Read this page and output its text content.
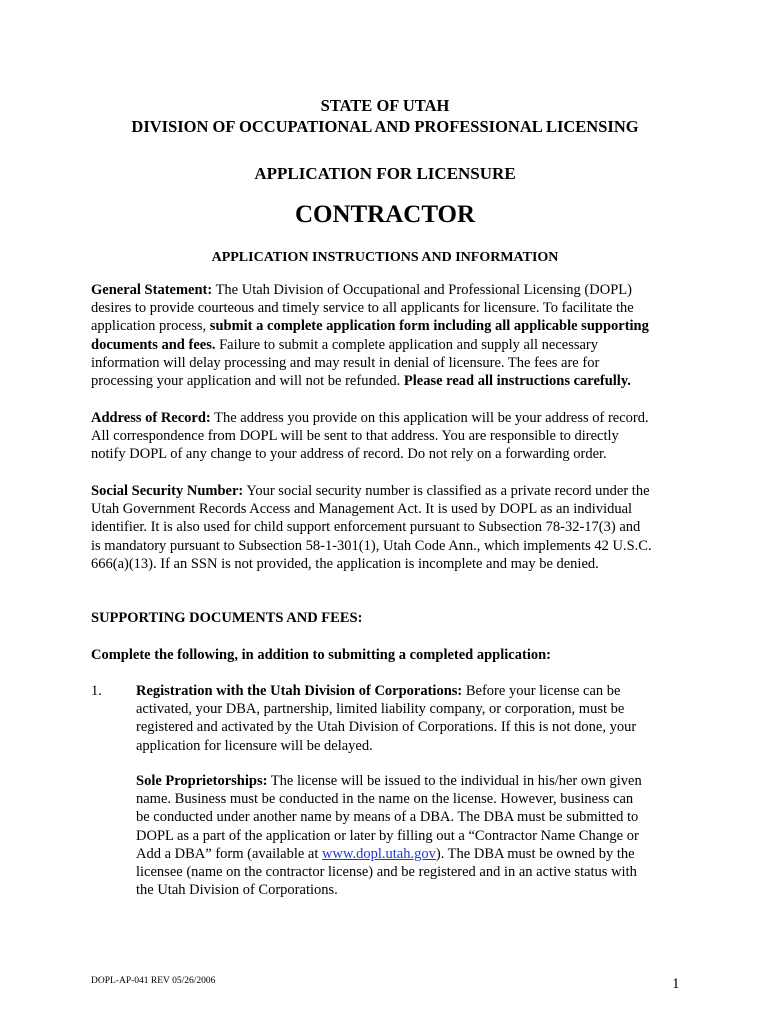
STATE OF UTAH
DIVISION OF OCCUPATIONAL AND PROFESSIONAL LICENSING
APPLICATION FOR LICENSURE
CONTRACTOR
APPLICATION INSTRUCTIONS AND INFORMATION
General Statement: The Utah Division of Occupational and Professional Licensing (DOPL)
desires to provide courteous and timely service to all applicants for licensure. To facilitate the
application process, submit a complete application form including all applicable supporting
documents and fees. Failure to submit a complete application and supply all necessary
information will delay processing and may result in denial of licensure. The fees are for
processing your application and will not be refunded. Please read all instructions carefully.
Address of Record: The address you provide on this application will be your address of record.
All correspondence from DOPL will be sent to that address. You are responsible to directly
notify DOPL of any change to your address of record. Do not rely on a forwarding order.
Social Security Number: Your social security number is classified as a private record under the
Utah Government Records Access and Management Act. It is used by DOPL as an individual
identifier. It is also used for child support enforcement pursuant to Subsection 78-32-17(3) and
is mandatory pursuant to Subsection 58-1-301(1), Utah Code Ann., which implements 42 U.S.C.
666(a)(13). If an SSN is not provided, the application is incomplete and may be denied.
SUPPORTING DOCUMENTS AND FEES:
Complete the following, in addition to submitting a completed application:
1. Registration with the Utah Division of Corporations: Before your license can be
activated, your DBA, partnership, limited liability company, or corporation, must be
registered and activated by the Utah Division of Corporations. If this is not done, your
application for licensure will be delayed.
Sole Proprietorships: The license will be issued to the individual in his/her own given
name. Business must be conducted in the name on the license. However, business can
be conducted under another name by means of a DBA. The DBA must be submitted to
DOPL as a part of the application or later by filling out a “Contractor Name Change or
Add a DBA” form (available at www.dopl.utah.gov). The DBA must be owned by the
licensee (name on the contractor license) and be registered and in an active status with
the Utah Division of Corporations.
DOPL-AP-041 REV 05/26/2006	1
